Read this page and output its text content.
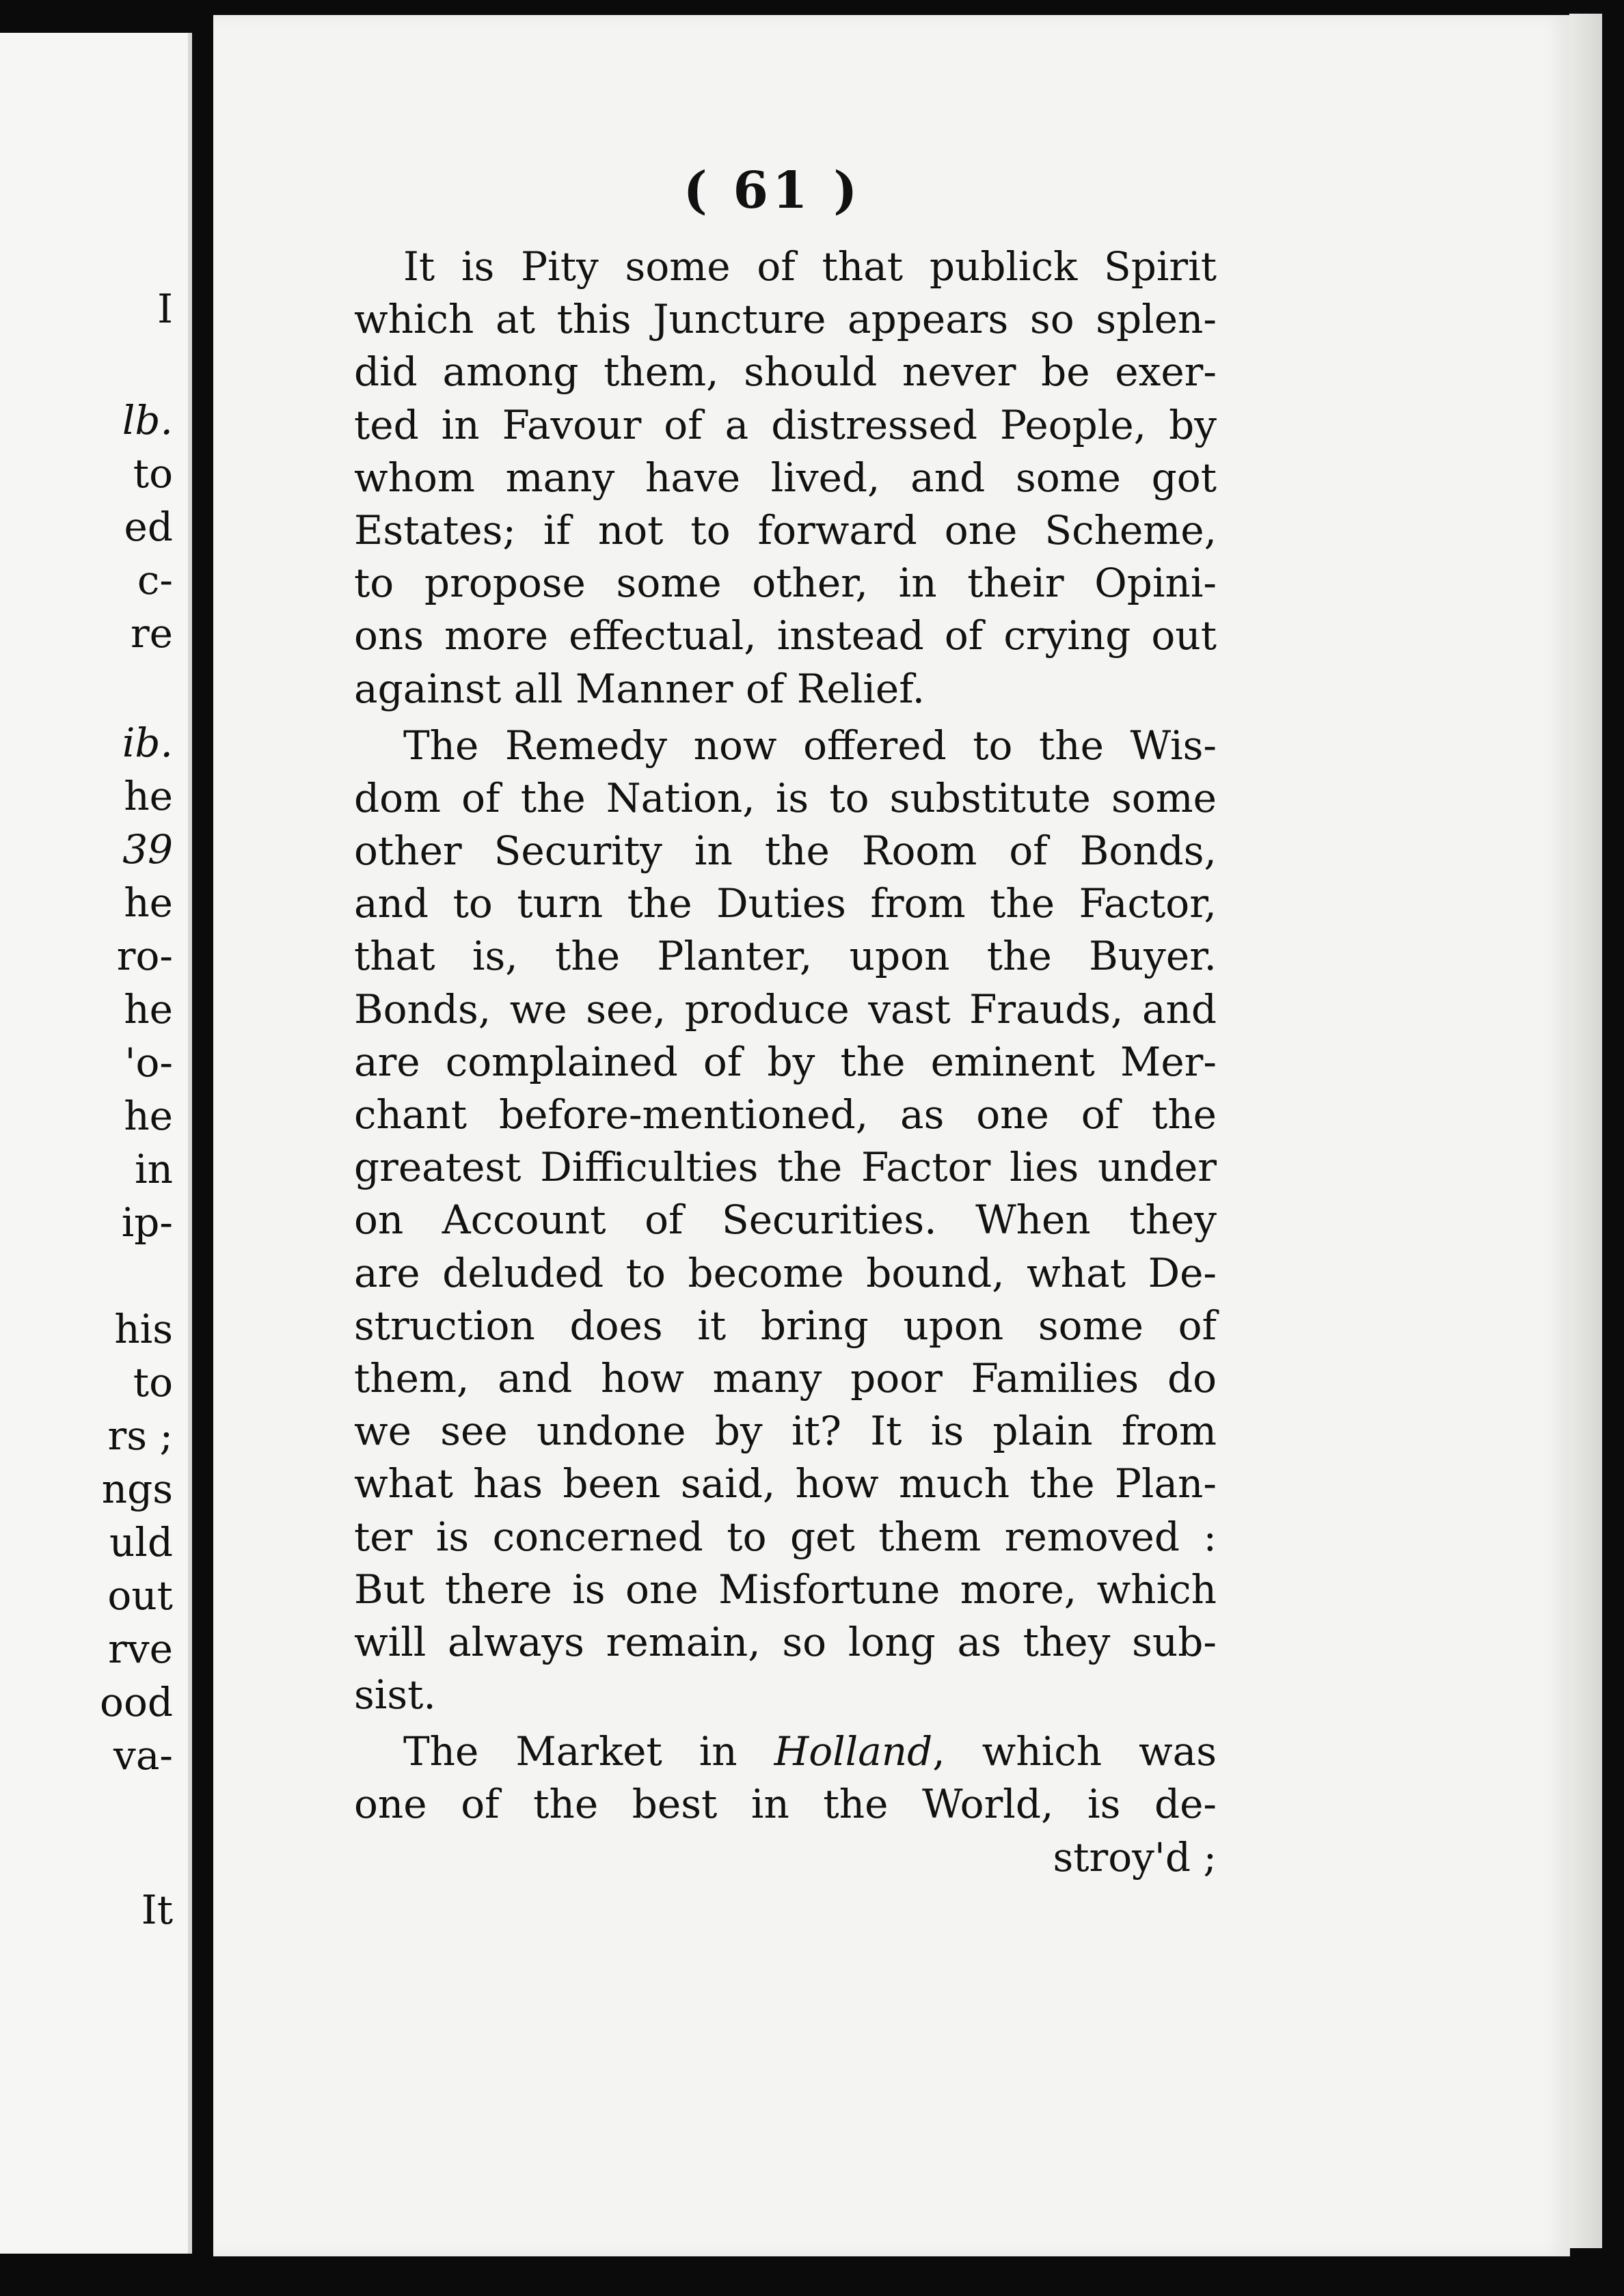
I
lb.
to
ed
c-
re
ib.
he
39
he
ro-
he
'o-
he
in
ip-
his
to
rs ;
ngs
uld
out
rve
ood
va-
It
( 61 )
It is Pity some of that publick Spirit
which at this Juncture appears so splen-
did among them, should never be exer-
ted in Favour of a distressed People, by
whom many have lived, and some got
Estates; if not to forward one Scheme,
to propose some other, in their Opini-
ons more effectual, instead of crying out
against all Manner of Relief.
The Remedy now offered to the Wis-
dom of the Nation, is to substitute some
other Security in the Room of Bonds,
and to turn the Duties from the Factor,
that is, the Planter, upon the Buyer.
Bonds, we see, produce vast Frauds, and
are complained of by the eminent Mer-
chant before-mentioned, as one of the
greatest Difficulties the Factor lies under
on Account of Securities. When they
are deluded to become bound, what De-
struction does it bring upon some of
them, and how many poor Families do
we see undone by it? It is plain from
what has been said, how much the Plan-
ter is concerned to get them removed :
But there is one Misfortune more, which
will always remain, so long as they sub-
sist.
The Market in Holland, which was
one of the best in the World, is de-
stroy'd ;
